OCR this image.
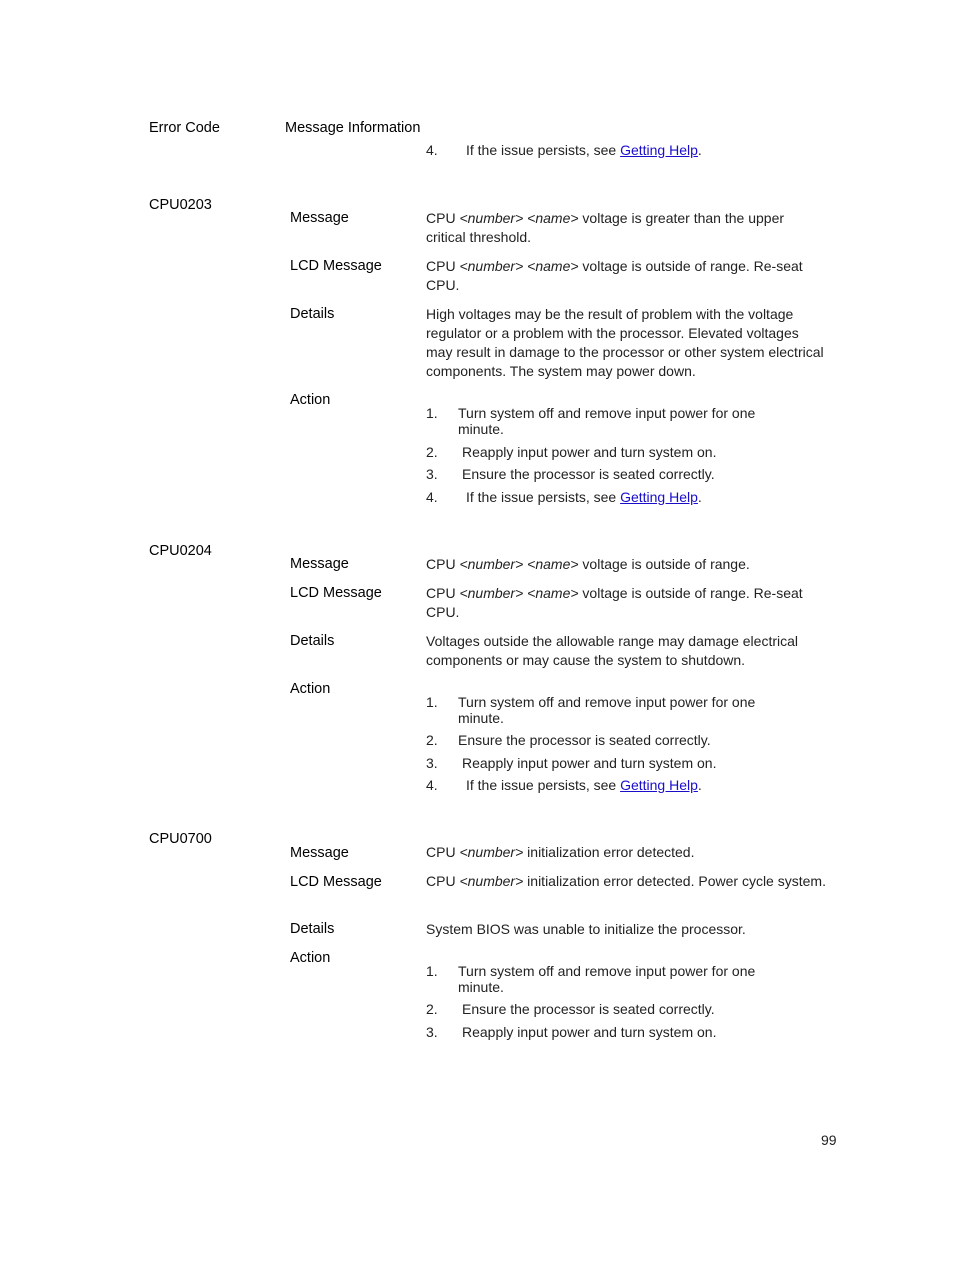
Error Code	Message Information
4. If the issue persists, see Getting Help.
CPU0203
Message	CPU <number> <name> voltage is greater than the upper critical threshold.
LCD Message	CPU <number> <name> voltage is outside of range. Re-seat CPU.
Details	High voltages may be the result of problem with the voltage regulator or a problem with the processor. Elevated voltages may result in damage to the processor or other system electrical components. The system may power down.
Action
1. Turn system off and remove input power for one minute.
2. Reapply input power and turn system on.
3. Ensure the processor is seated correctly.
4. If the issue persists, see Getting Help.
CPU0204
Message	CPU <number> <name> voltage is outside of range.
LCD Message	CPU <number> <name> voltage is outside of range. Re-seat CPU.
Details	Voltages outside the allowable range may damage electrical components or may cause the system to shutdown.
Action
1. Turn system off and remove input power for one minute.
2. Ensure the processor is seated correctly.
3. Reapply input power and turn system on.
4. If the issue persists, see Getting Help.
CPU0700
Message	CPU <number> initialization error detected.
LCD Message	CPU <number> initialization error detected. Power cycle system.
Details	System BIOS was unable to initialize the processor.
Action
1. Turn system off and remove input power for one minute.
2. Ensure the processor is seated correctly.
3. Reapply input power and turn system on.
99
